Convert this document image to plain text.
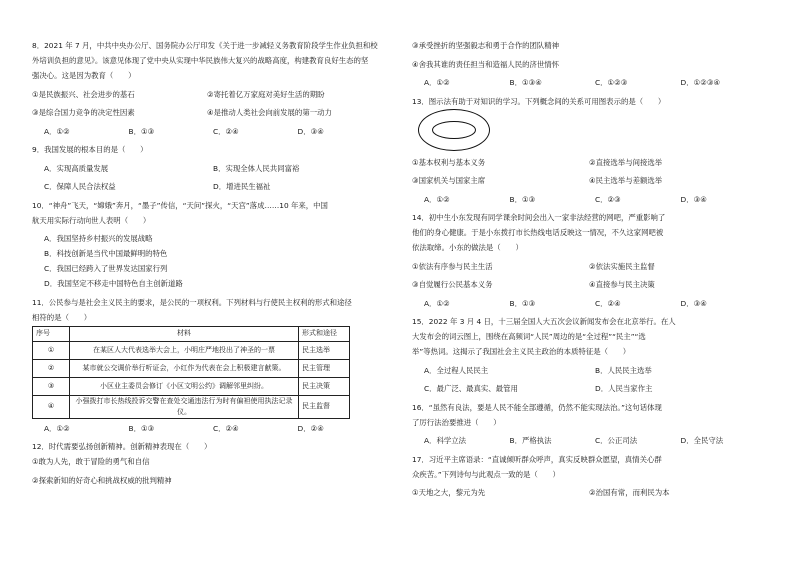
8．2021 年 7 月，中共中央办公厅、国务院办公厅印发《关于进一步减轻义务教育阶段学生作业负担和校
外培训负担的意见》。该意见体现了党中央从实现中华民族伟大复兴的战略高度，构建教育良好生态的坚
强决心。这是因为教育（　　）
①是民族振兴、社会进步的基石	②寄托着亿万家庭对美好生活的期盼
③是综合国力竞争的决定性因素	④是推动人类社会向前发展的第一动力
A．①②	B．①③	C．②④	D．③④
9．我国发展的根本目的是（　　）
A．实现高质量发展	B．实现全体人民共同富裕
C．保障人民合法权益	D．增进民生福祉
10．“神舟”飞天，“嫦娥”奔月，“墨子”传信，“天问”探火，“天宫”落成……10 年来，中国
航天用实际行动向世人表明（　　）
A．我国坚持乡村振兴的发展战略
B．科技创新是当代中国最鲜明的特色
C．我国已经跨入了世界发达国家行列
D．我国坚定不移走中国特色自主创新道路
11．公民参与是社会主义民主的要求，是公民的一项权利。下列材料与行使民主权利的形式和途径
相符的是（　　）
序号	材料	形式和途径
①	在某区人大代表选举大会上，小明庄严地投出了神圣的一票	民主选举
②	某市就公交调价举行听证会，小红作为代表在会上积极建言献策。	民主管理
③	小区业主委员会修订《小区文明公约》调解邻里纠纷。	民主决策
④	小强拨打市长热线投诉交警在查处交通违法行为时有偏袒使用执法记录仪。	民主监督
A．①②	B．①③	C．②④	D．②④
12．时代需要弘扬创新精神。创新精神表现在（　　）
①敢为人先，敢于冒险的勇气和自信
②探索新知的好奇心和挑战权威的批判精神
③承受挫折的坚强毅志和勇于合作的团队精神
④舍我其谁的责任担当和造福人民的济世情怀
A．①②	B．①③④	C．①②③	D．①②③④
13．图示法有助于对知识的学习。下列概念间的关系可用图表示的是（　　）
①基本权利与基本义务	②直接选举与间接选举
③国家机关与国家主席	④民主选举与差额选举
A．①②	B．①③	C．②③	D．③④
14．初中生小东发现有同学课余时间会出入一家非法经营的网吧，严重影响了
他们的身心健康。于是小东拨打市长热线电话反映这一情况，不久这家网吧被
依法取缔。小东的做法是（　　）
①依法有序参与民主生活	②依法实施民主监督
③自觉履行公民基本义务	④直接参与民主决策
A．①②	B．①③	C．②④	D．③④
15．2022 年 3 月 4 日，十三届全国人大五次会议新闻发布会在北京举行。在人
大发布会的词云图上，围绕在高频词“人民”周边的是“全过程”“民主”“选
举”等热词。这揭示了我国社会主义民主政治的本质特征是（　　）
A．全过程人民民主	B．人民民主选举
C．最广泛、最真实、最管用	D．人民当家作主
16．“虽然有良法，要是人民不能全部遵循，仍然不能实现法治。”这句话体现
了厉行法治要推进（　　）
A．科学立法	B．严格执法	C．公正司法	D．全民守法
17．习近平主席语录：“直诚倾听群众呼声，真实反映群众愿望，真情关心群
众疾苦。”下列诗句与此观点一致的是（　　）
①天地之大，黎元为先	②治国有常，而利民为本
